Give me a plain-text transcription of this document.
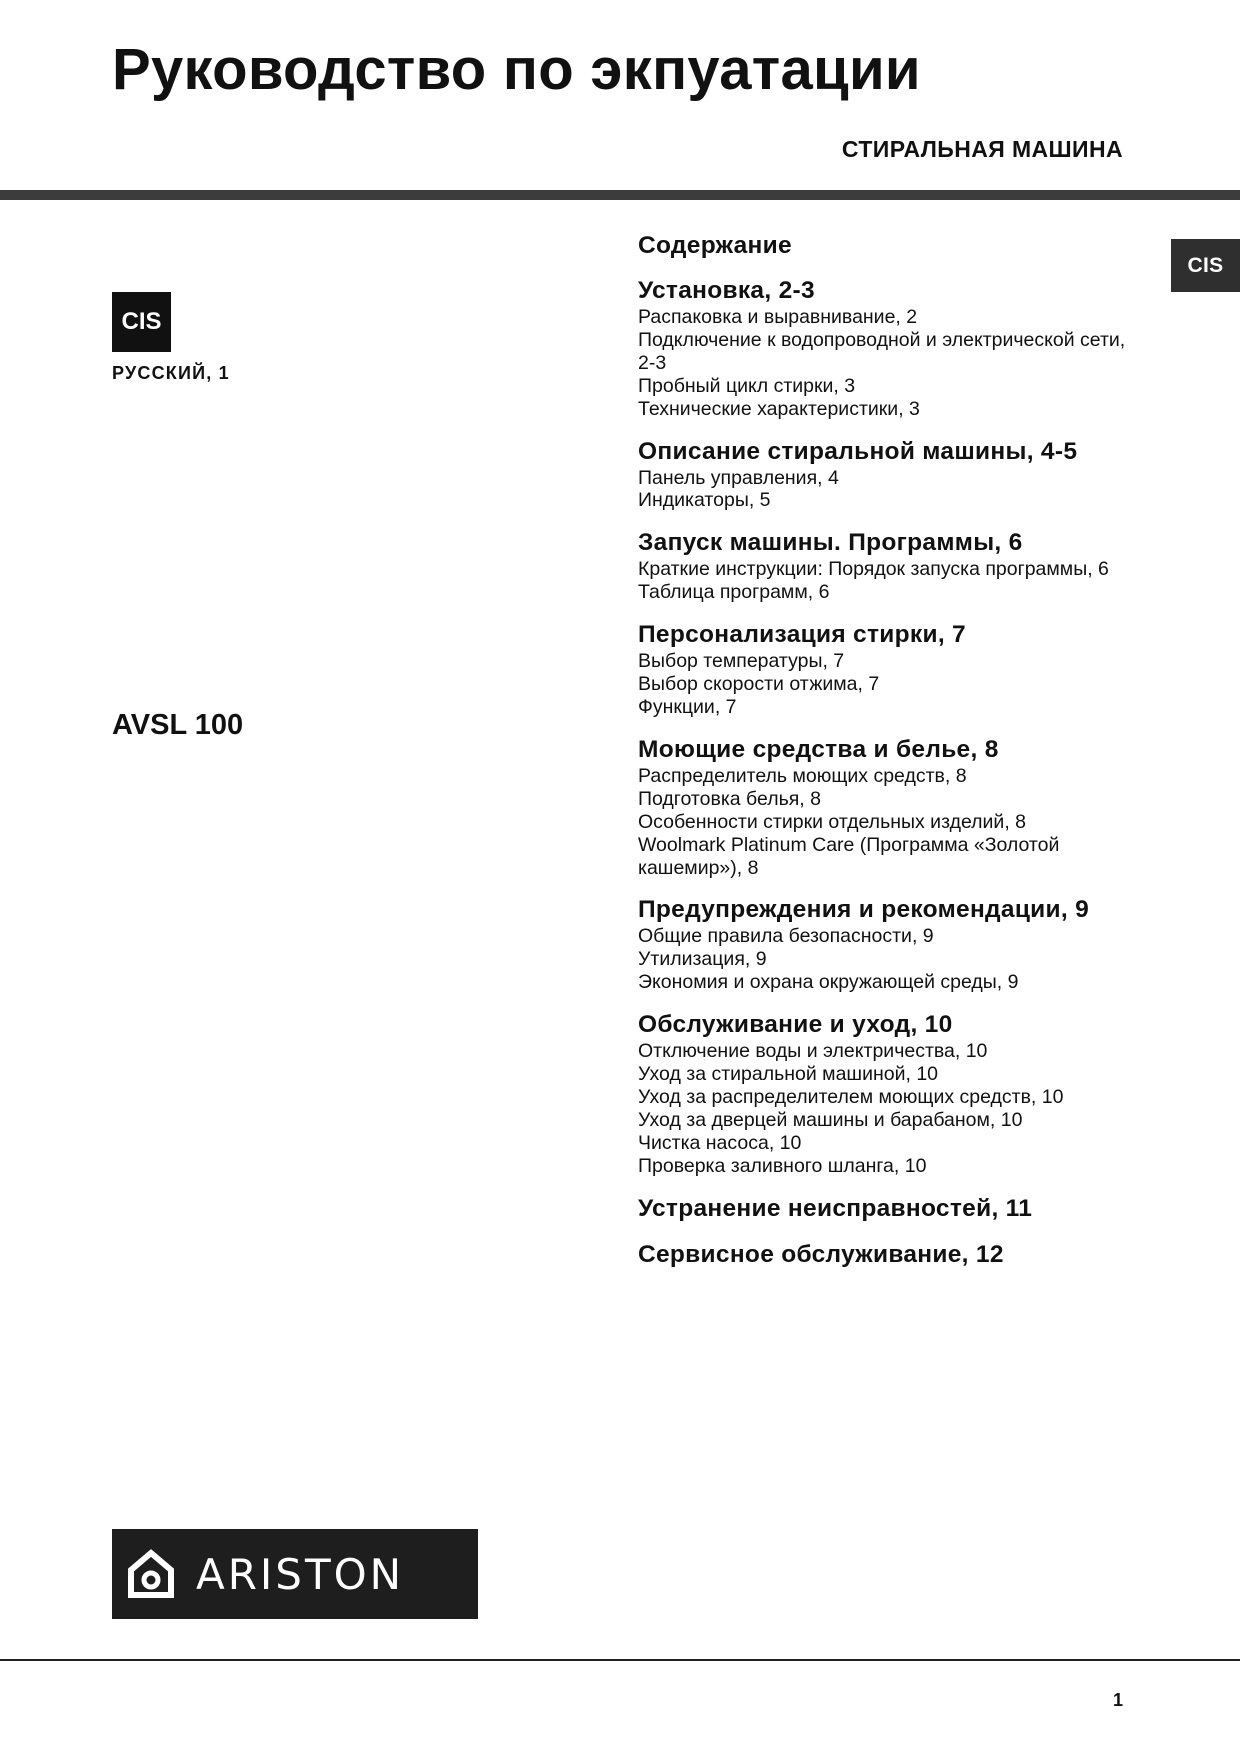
Руководство по экпуатации
СТИРАЛЬНАЯ МАШИНА
CIS
CIS
РУССКИЙ, 1
AVSL 100
Содержание
Установка, 2-3
Распаковка и выравнивание, 2
Подключение к водопроводной и электрической сети, 2-3
Пробный цикл стирки, 3
Технические характеристики, 3
Описание стиральной машины, 4-5
Панель управления, 4
Индикаторы, 5
Запуск машины. Программы, 6
Краткие инструкции: Порядок запуска программы, 6
Таблица программ, 6
Персонализация стирки, 7
Выбор температуры, 7
Выбор скорости отжима, 7
Функции, 7
Моющие средства и белье, 8
Распределитель моющих средств, 8
Подготовка белья, 8
Особенности стирки отдельных изделий, 8
Woolmark Platinum Care (Программа «Золотой кашемир»), 8
Предупреждения и рекомендации, 9
Общие правила безопасности, 9
Утилизация, 9
Экономия и охрана окружающей среды, 9
Обслуживание и уход, 10
Отключение воды и электричества, 10
Уход за стиральной машиной, 10
Уход за распределителем моющих средств, 10
Уход за дверцей машины и барабаном, 10
Чистка насоса, 10
Проверка заливного шланга, 10
Устранение неисправностей, 11
Сервисное обслуживание, 12
ARISTON
1
